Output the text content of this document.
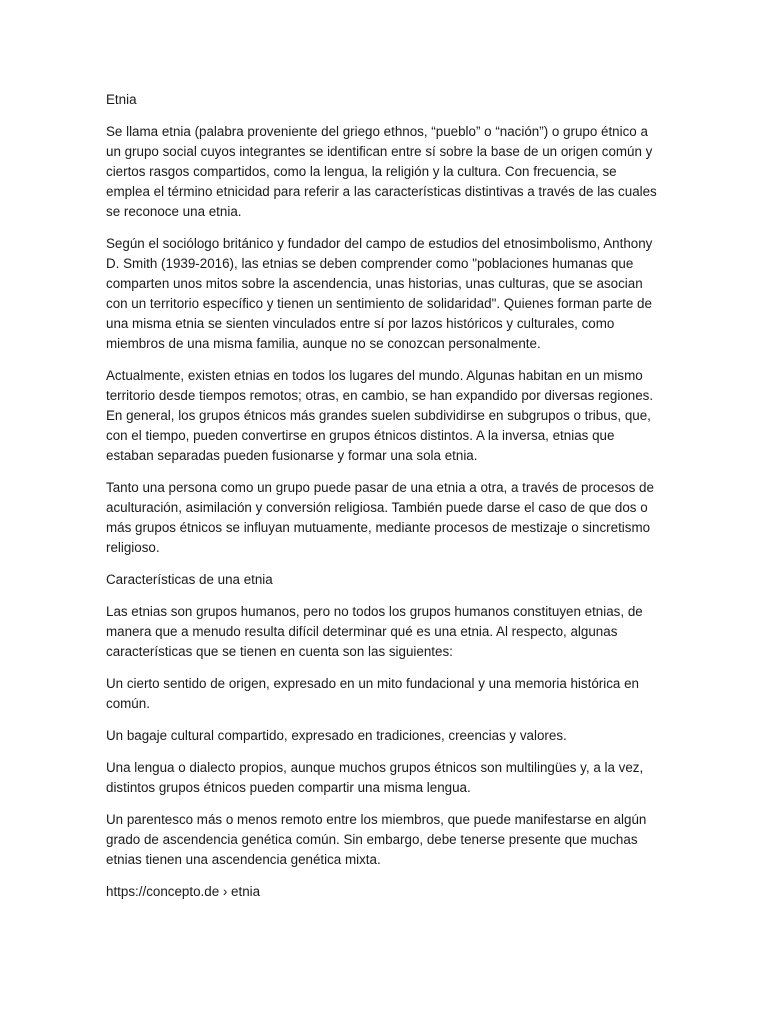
Etnia

Se llama etnia (palabra proveniente del griego ethnos, “pueblo” o “nación”) o grupo étnico a un grupo social cuyos integrantes se identifican entre sí sobre la base de un origen común y ciertos rasgos compartidos, como la lengua, la religión y la cultura. Con frecuencia, se emplea el término etnicidad para referir a las características distintivas a través de las cuales se reconoce una etnia.

Según el sociólogo británico y fundador del campo de estudios del etnosimbolismo, Anthony D. Smith (1939-2016), las etnias se deben comprender como "poblaciones humanas que comparten unos mitos sobre la ascendencia, unas historias, unas culturas, que se asocian con un territorio específico y tienen un sentimiento de solidaridad". Quienes forman parte de una misma etnia se sienten vinculados entre sí por lazos históricos y culturales, como miembros de una misma familia, aunque no se conozcan personalmente.

Actualmente, existen etnias en todos los lugares del mundo. Algunas habitan en un mismo territorio desde tiempos remotos; otras, en cambio, se han expandido por diversas regiones. En general, los grupos étnicos más grandes suelen subdividirse en subgrupos o tribus, que, con el tiempo, pueden convertirse en grupos étnicos distintos. A la inversa, etnias que estaban separadas pueden fusionarse y formar una sola etnia.

Tanto una persona como un grupo puede pasar de una etnia a otra, a través de procesos de aculturación, asimilación y conversión religiosa. También puede darse el caso de que dos o más grupos étnicos se influyan mutuamente, mediante procesos de mestizaje o sincretismo religioso.

Características de una etnia

Las etnias son grupos humanos, pero no todos los grupos humanos constituyen etnias, de manera que a menudo resulta difícil determinar qué es una etnia. Al respecto, algunas características que se tienen en cuenta son las siguientes:

Un cierto sentido de origen, expresado en un mito fundacional y una memoria histórica en común.

Un bagaje cultural compartido, expresado en tradiciones, creencias y valores.

Una lengua o dialecto propios, aunque muchos grupos étnicos son multilingües y, a la vez, distintos grupos étnicos pueden compartir una misma lengua.

Un parentesco más o menos remoto entre los miembros, que puede manifestarse en algún grado de ascendencia genética común. Sin embargo, debe tenerse presente que muchas etnias tienen una ascendencia genética mixta.

https://concepto.de › etnia
